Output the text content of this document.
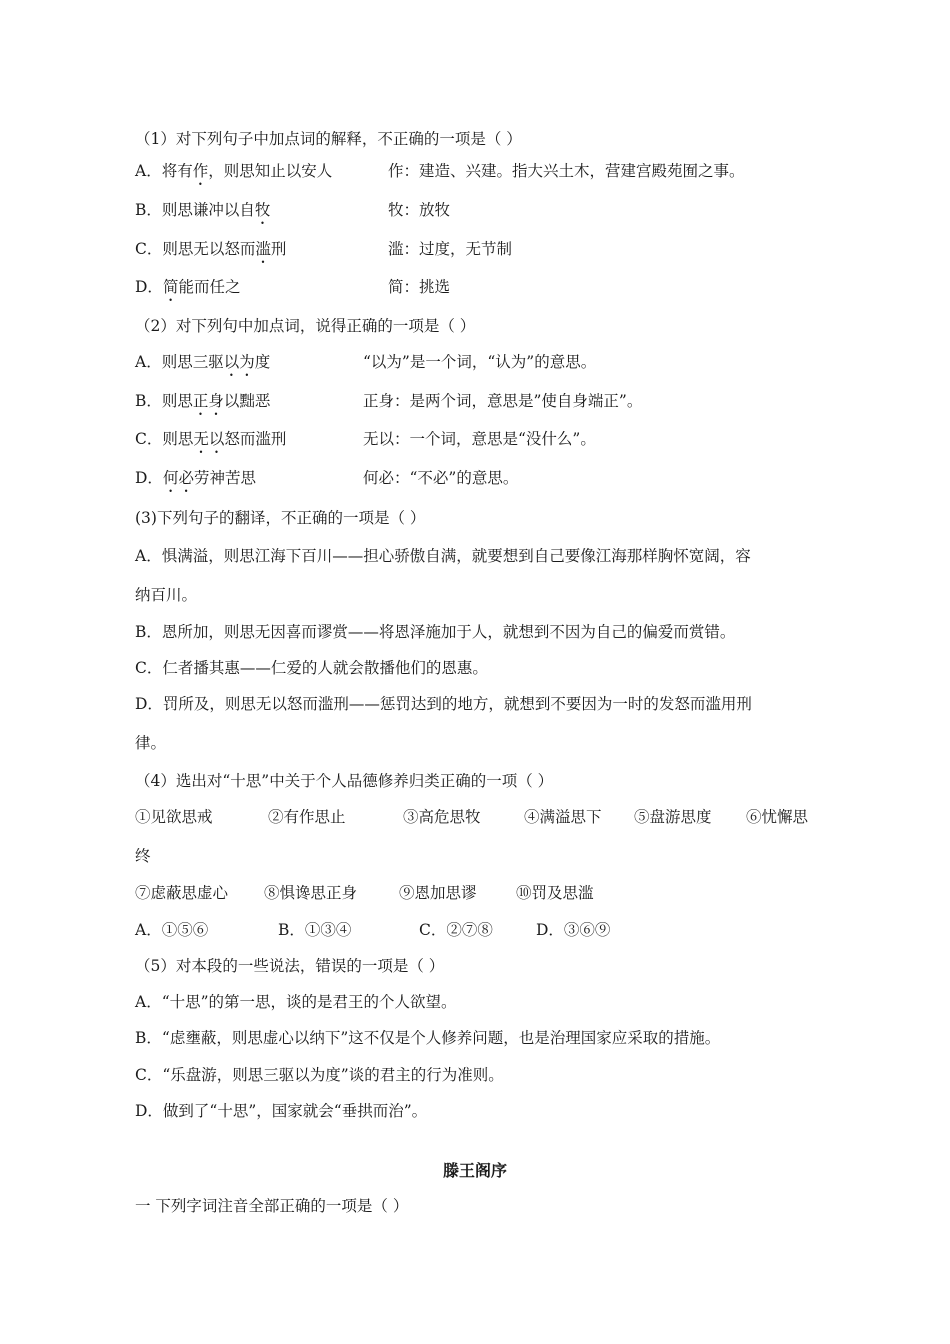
（1）对下列句子中加点词的解释，不正确的一项是（ ）
A．将有作，则思知止以安人	作：建造、兴建。指大兴土木，营建宫殿苑囿之事。
B．则思谦冲以自牧	牧：放牧
C．则思无以怒而滥刑	滥：过度，无节制
D．简能而任之	简：挑选
（2）对下列句中加点词，说得正确的一项是（ ）
A．则思三驱以为度	“以为”是一个词，“认为”的意思。
B．则思正身以黜恶	正身：是两个词，意思是”使自身端正”。
C．则思无以怒而滥刑	无以：一个词，意思是“没什么”。
D．何必劳神苦思	何必：“不必”的意思。
(3)下列句子的翻译，不正确的一项是（ ）
A．惧满溢，则思江海下百川——担心骄傲自满，就要想到自己要像江海那样胸怀宽阔，容
纳百川。
B．恩所加，则思无因喜而谬赏——将恩泽施加于人，就想到不因为自己的偏爱而赏错。
C．仁者播其惠——仁爱的人就会散播他们的恩惠。
D．罚所及，则思无以怒而滥刑——惩罚达到的地方，就想到不要因为一时的发怒而滥用刑
律。
（4）选出对“十思”中关于个人品德修养归类正确的一项（ ）
①见欲思戒	②有作思止	③高危思牧	④满溢思下 ⑤盘游思度 ⑥忧懈思
终
⑦虑蔽思虚心 ⑧惧谗思正身	⑨恩加思谬	⑩罚及思滥
A．①⑤⑥	B．①③④	C．②⑦⑧	D．③⑥⑨
（5）对本段的一些说法，错误的一项是（ ）
A．“十思”的第一思，谈的是君王的个人欲望。
B．“虑壅蔽，则思虚心以纳下”这不仅是个人修养问题，也是治理国家应采取的措施。
C．“乐盘游，则思三驱以为度”谈的君主的行为准则。
D．做到了“十思”，国家就会“垂拱而治”。
滕王阁序
一 下列字词注音全部正确的一项是（ ）
